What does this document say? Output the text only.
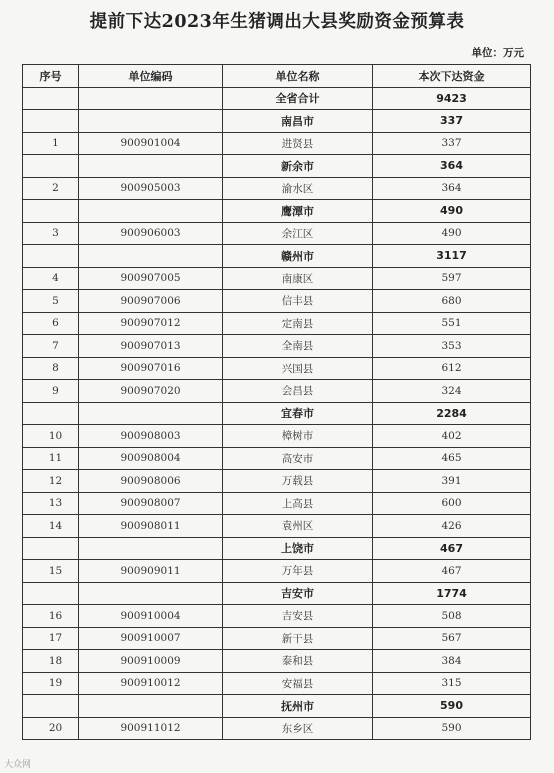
提前下达2023年生猪调出大县奖励资金预算表
单位：万元
序号	单位编码	单位名称	本次下达资金
		全省合计	9423
		南昌市	337
1	900901004	进贤县	337
		新余市	364
2	900905003	渝水区	364
		鹰潭市	490
3	900906003	余江区	490
		赣州市	3117
4	900907005	南康区	597
5	900907006	信丰县	680
6	900907012	定南县	551
7	900907013	全南县	353
8	900907016	兴国县	612
9	900907020	会昌县	324
		宜春市	2284
10	900908003	樟树市	402
11	900908004	高安市	465
12	900908006	万载县	391
13	900908007	上高县	600
14	900908011	袁州区	426
		上饶市	467
15	900909011	万年县	467
		吉安市	1774
16	900910004	吉安县	508
17	900910007	新干县	567
18	900910009	泰和县	384
19	900910012	安福县	315
		抚州市	590
20	900911012	东乡区	590
大众网
